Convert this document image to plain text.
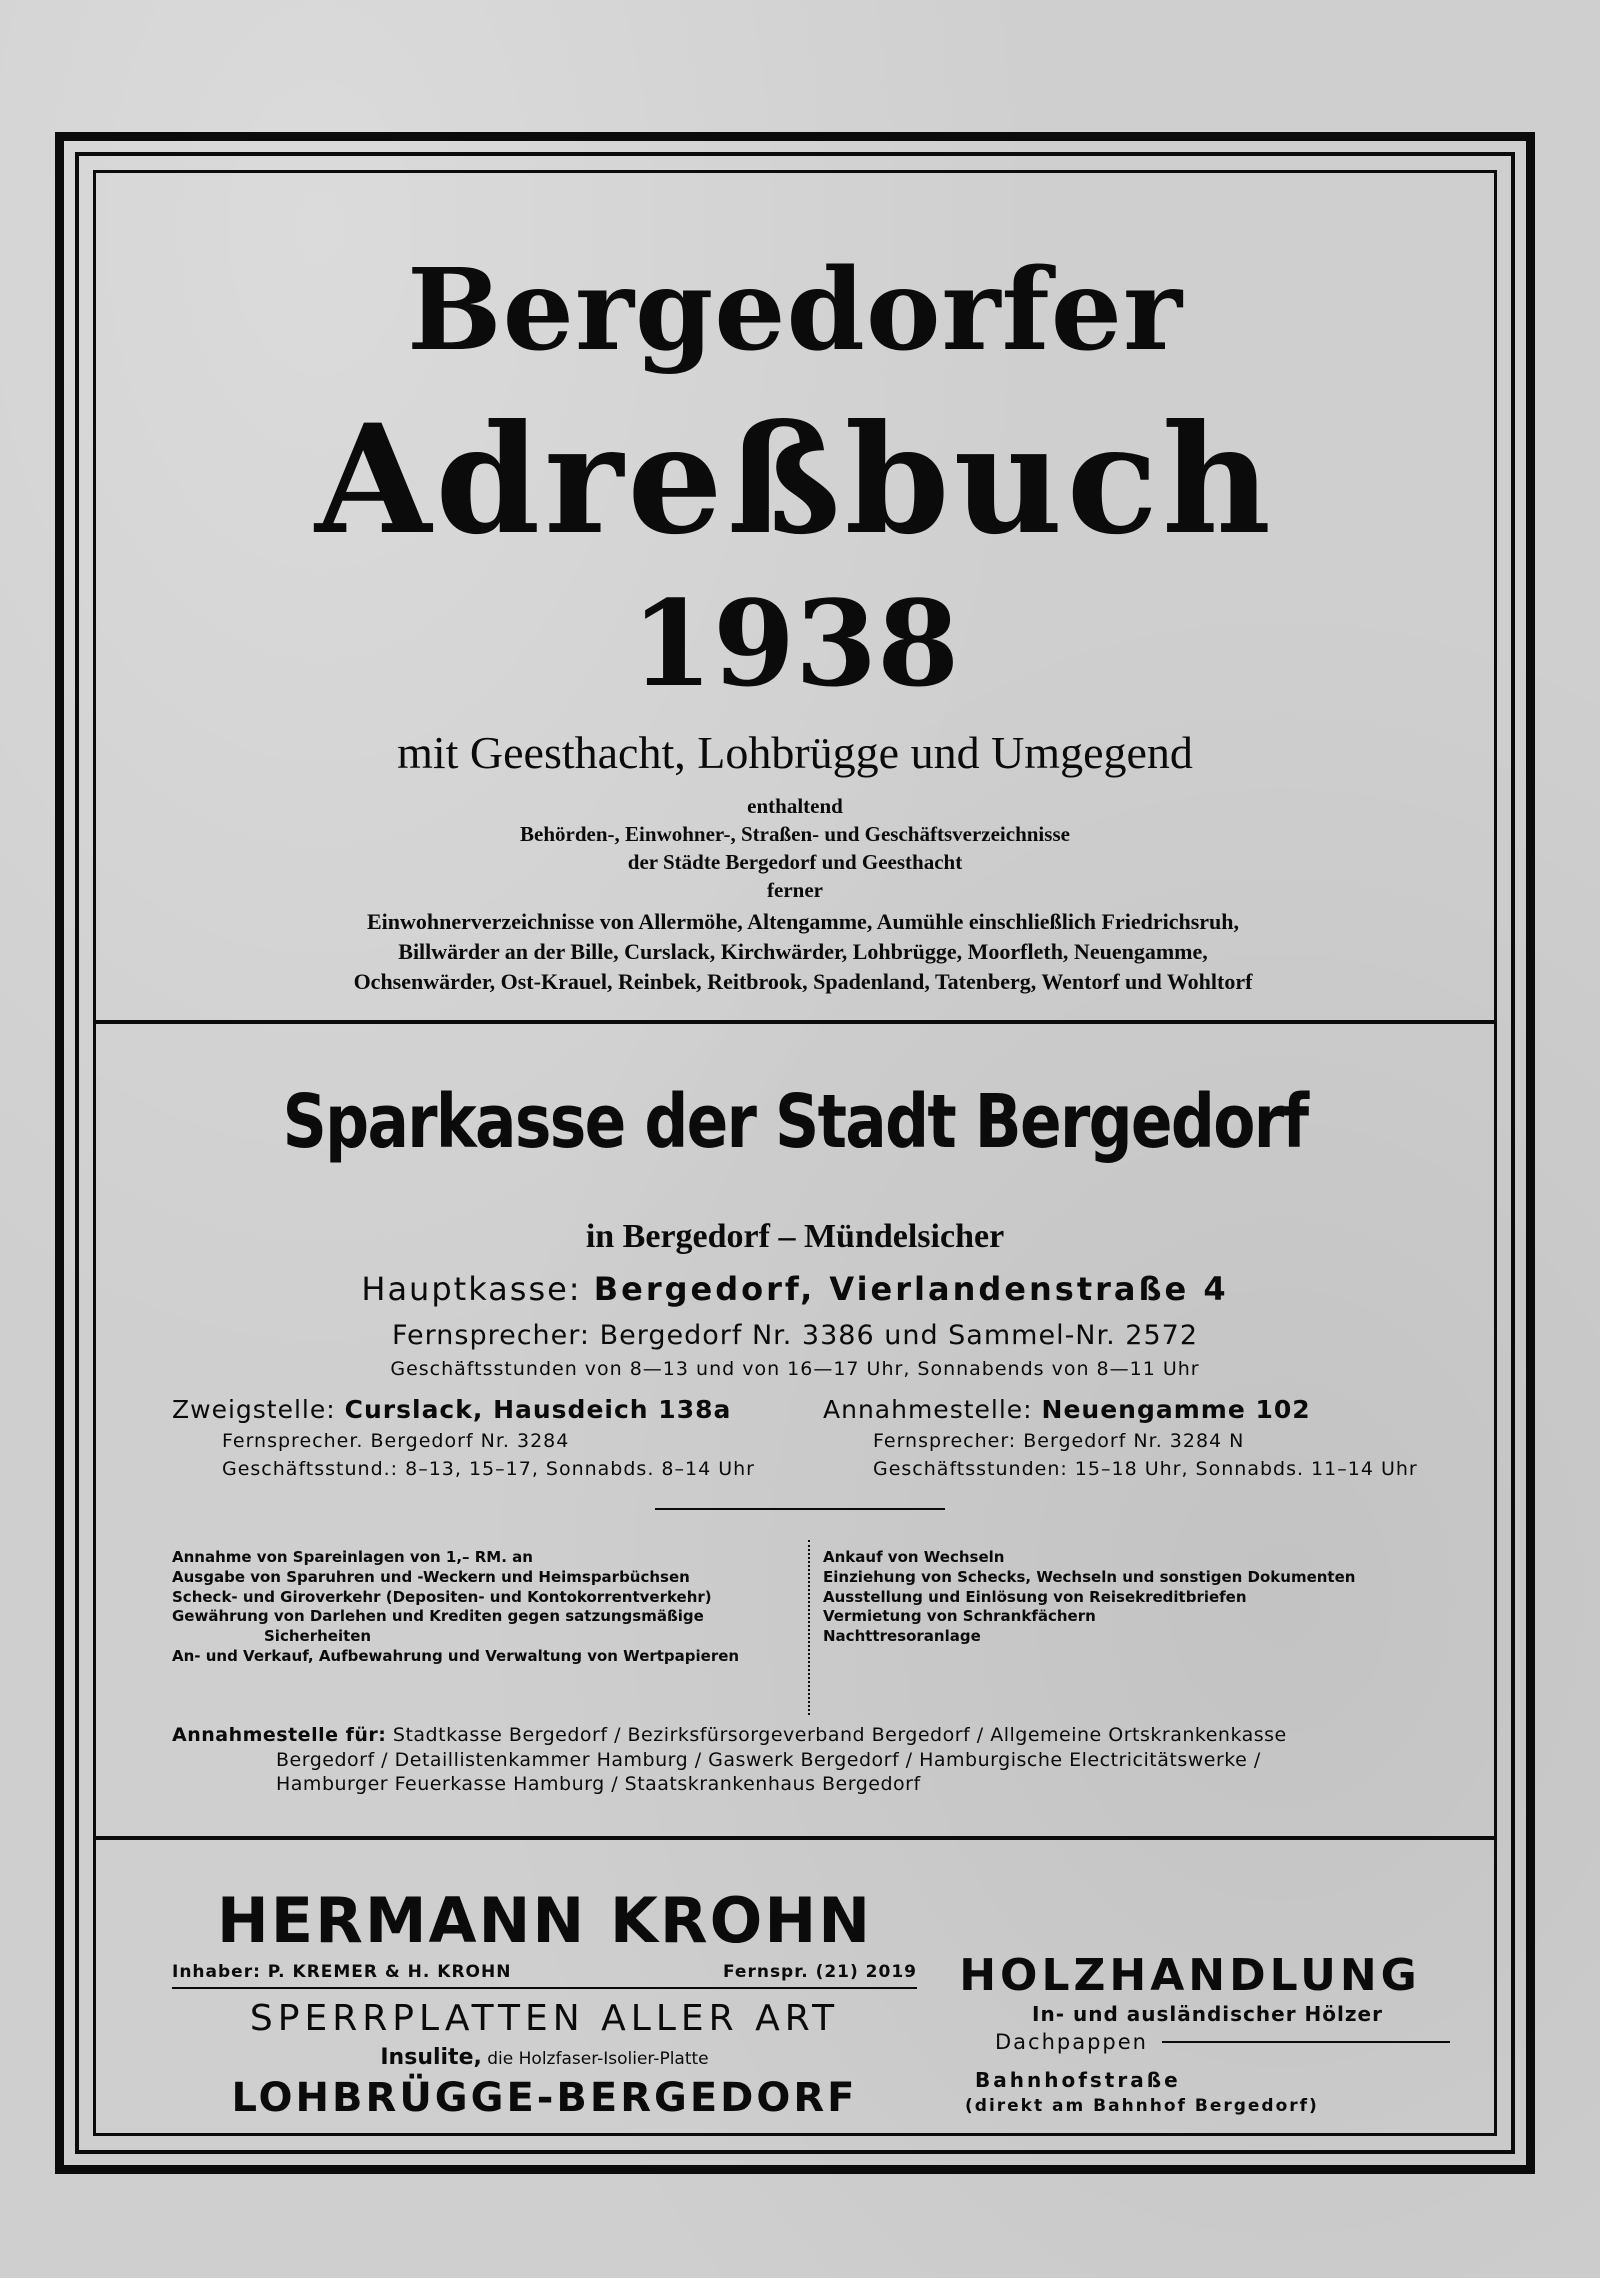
Bergedorfer
Adreßbuch
1938
mit Geesthacht, Lohbrügge und Umgegend
enthaltend
Behörden-, Einwohner-, Straßen- und Geschäftsverzeichnisse
der Städte Bergedorf und Geesthacht
ferner
Einwohnerverzeichnisse von Allermöhe, Altengamme, Aumühle einschließlich Friedrichsruh,
Billwärder an der Bille, Curslack, Kirchwärder, Lohbrügge, Moorfleth, Neuengamme,
Ochsenwärder, Ost-Krauel, Reinbek, Reitbrook, Spadenland, Tatenberg, Wentorf und Wohltorf
Sparkasse der Stadt Bergedorf
in Bergedorf – Mündelsicher
Hauptkasse: Bergedorf, Vierlandenstraße 4
Fernsprecher: Bergedorf Nr. 3386 und Sammel-Nr. 2572
Geschäftsstunden von 8—13 und von 16—17 Uhr, Sonnabends von 8—11 Uhr
Zweigstelle: Curslack, Hausdeich 138a
Fernsprecher. Bergedorf Nr. 3284
Geschäftsstund.: 8–13, 15–17, Sonnabds. 8–14 Uhr
Annahmestelle: Neuengamme 102
Fernsprecher: Bergedorf Nr. 3284 N
Geschäftsstunden: 15–18 Uhr, Sonnabds. 11–14 Uhr
Annahme von Spareinlagen von 1,– RM. an
Ausgabe von Sparuhren und -Weckern und Heimsparbüchsen
Scheck- und Giroverkehr (Depositen- und Kontokorrentverkehr)
Gewährung von Darlehen und Krediten gegen satzungsmäßige
Sicherheiten
An- und Verkauf, Aufbewahrung und Verwaltung von Wertpapieren
Ankauf von Wechseln
Einziehung von Schecks, Wechseln und sonstigen Dokumenten
Ausstellung und Einlösung von Reisekreditbriefen
Vermietung von Schrankfächern
Nachttresoranlage
Annahmestelle für: Stadtkasse Bergedorf / Bezirksfürsorgeverband Bergedorf / Allgemeine Ortskrankenkasse
Bergedorf / Detaillistenkammer Hamburg / Gaswerk Bergedorf / Hamburgische Electricitätswerke /
Hamburger Feuerkasse Hamburg / Staatskrankenhaus Bergedorf
HERMANN KROHN
Inhaber: P. KREMER & H. KROHN	Fernspr. (21) 2019
SPERRPLATTEN ALLER ART
Insulite, die Holzfaser-Isolier-Platte
LOHBRÜGGE-BERGEDORF
HOLZHANDLUNG
In- und ausländischer Hölzer
Dachpappen
Bahnhofstraße
(direkt am Bahnhof Bergedorf)
